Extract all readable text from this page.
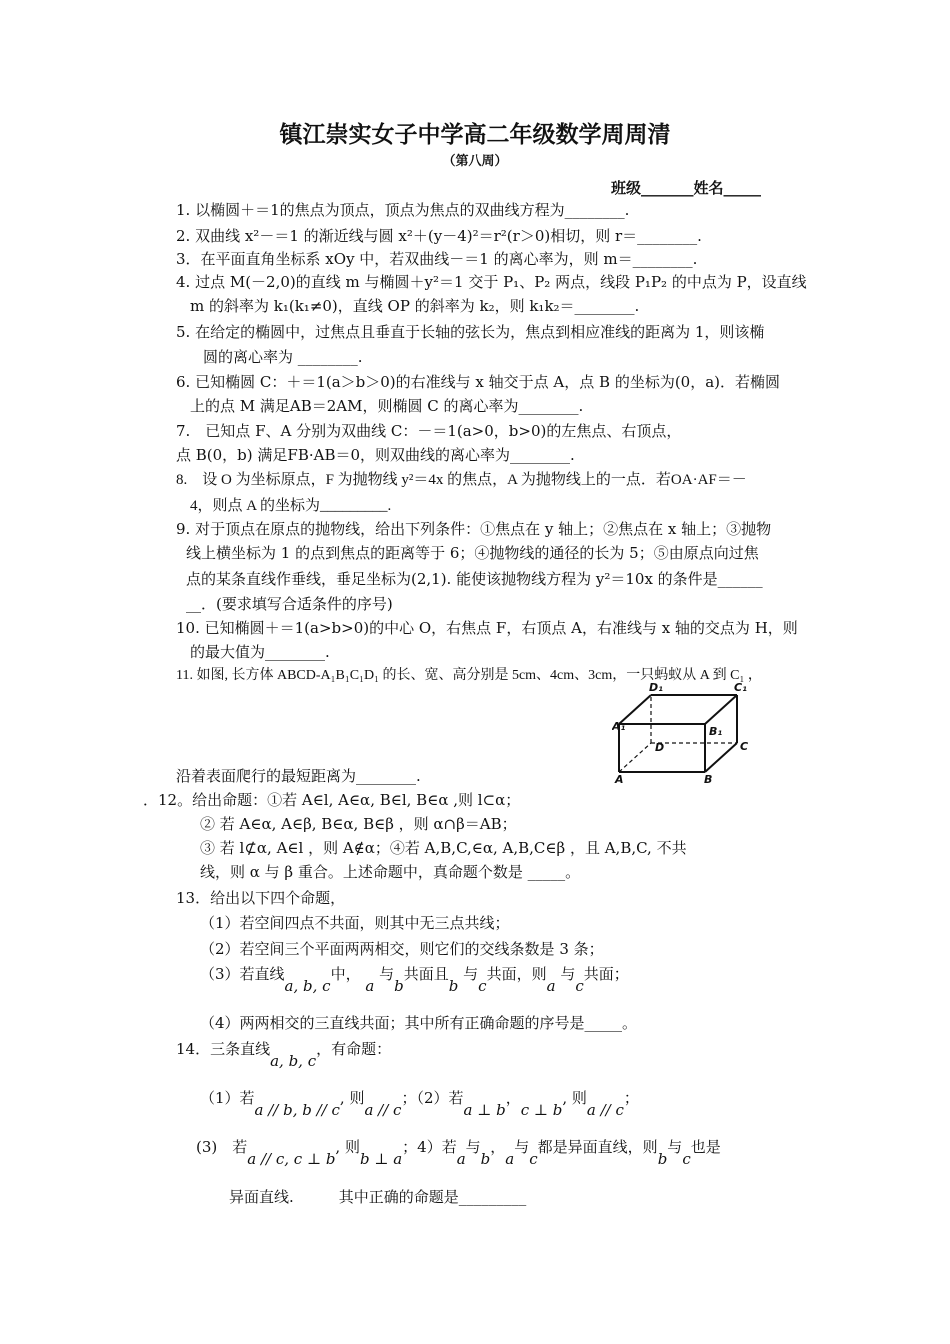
镇江崇实女子中学高二年级数学周周清
（第八周）
班级_______姓名_____
1. 以椭圆＋＝1的焦点为顶点，顶点为焦点的双曲线方程为________.
2. 双曲线 x²－＝1 的渐近线与圆 x²＋(y－4)²＝r²(r＞0)相切，则 r＝________.
3．在平面直角坐标系 xOy 中，若双曲线－＝1 的离心率为，则 m＝________.
4. 过点 M(－2,0)的直线 m 与椭圆＋y²＝1 交于 P₁、P₂ 两点，线段 P₁P₂ 的中点为 P，设直线
m 的斜率为 k₁(k₁≠0)，直线 OP 的斜率为 k₂，则 k₁k₂＝________.
5. 在给定的椭圆中，过焦点且垂直于长轴的弦长为，焦点到相应准线的距离为 1，则该椭
圆的离心率为 ________.
6. 已知椭圆 C：＋＝1(a＞b＞0)的右准线与 x 轴交于点 A，点 B 的坐标为(0，a)．若椭圆
上的点 M 满足AB＝2AM，则椭圆 C 的离心率为________.
7.　已知点 F、A 分别为双曲线 C：－＝1(a>0，b>0)的左焦点、右顶点，
点 B(0，b) 满足FB·AB＝0，则双曲线的离心率为________.
8.　设 O 为坐标原点，F 为抛物线 y²＝4x 的焦点，A 为抛物线上的一点．若OA·AF＝－
4，则点 A 的坐标为_________.
9. 对于顶点在原点的抛物线，给出下列条件：①焦点在 y 轴上；②焦点在 x 轴上；③抛物
线上横坐标为 1 的点到焦点的距离等于 6；④抛物线的通径的长为 5；⑤由原点向过焦
点的某条直线作垂线，垂足坐标为(2,1). 能使该抛物线方程为 y²＝10x 的条件是______
__．(要求填写合适条件的序号)
10. 已知椭圆＋＝1(a>b>0)的中心 O，右焦点 F，右顶点 A，右准线与 x 轴的交点为 H，则
的最大值为________.
11. 如图, 长方体 ABCD-A₁B₁C₁D₁ 的长、宽、高分别是 5cm、4cm、3cm，一只蚂蚁从 A 到 C₁ ，
D₁	C₁
A₁	B₁
D	C
A	B
沿着表面爬行的最短距离为________.
．12。给出命题：①若 A∈l, A∈α, B∈l, B∈α ,则 l⊂α；
② 若 A∈α, A∈β, B∈α, B∈β ，则 α∩β＝AB；
③ 若 l⊄α, A∈l ，则 A∉α；④若 A,B,C,∈α, A,B,C∈β ，且 A,B,C, 不共
线，则 α 与 β 重合。上述命题中，真命题个数是 _____。
13．给出以下四个命题，
（1）若空间四点不共面，则其中无三点共线；
（2）若空间三个平面两两相交，则它们的交线条数是 3 条；
（3）若直线a, b, c中， a 与b共面且b 与c共面，则a 与c共面；
（4）两两相交的三直线共面；其中所有正确命题的序号是_____。
14．三条直线a, b, c，有命题：
（1）若a // b, b // c, 则a // c；（2）若a ⊥ b，c ⊥ b, 则a // c；
(3)　若a // c, c ⊥ b, 则b ⊥ a；4）若a与b，a与c都是异面直线，则b与c也是
异面直线.　　　其中正确的命题是_________
